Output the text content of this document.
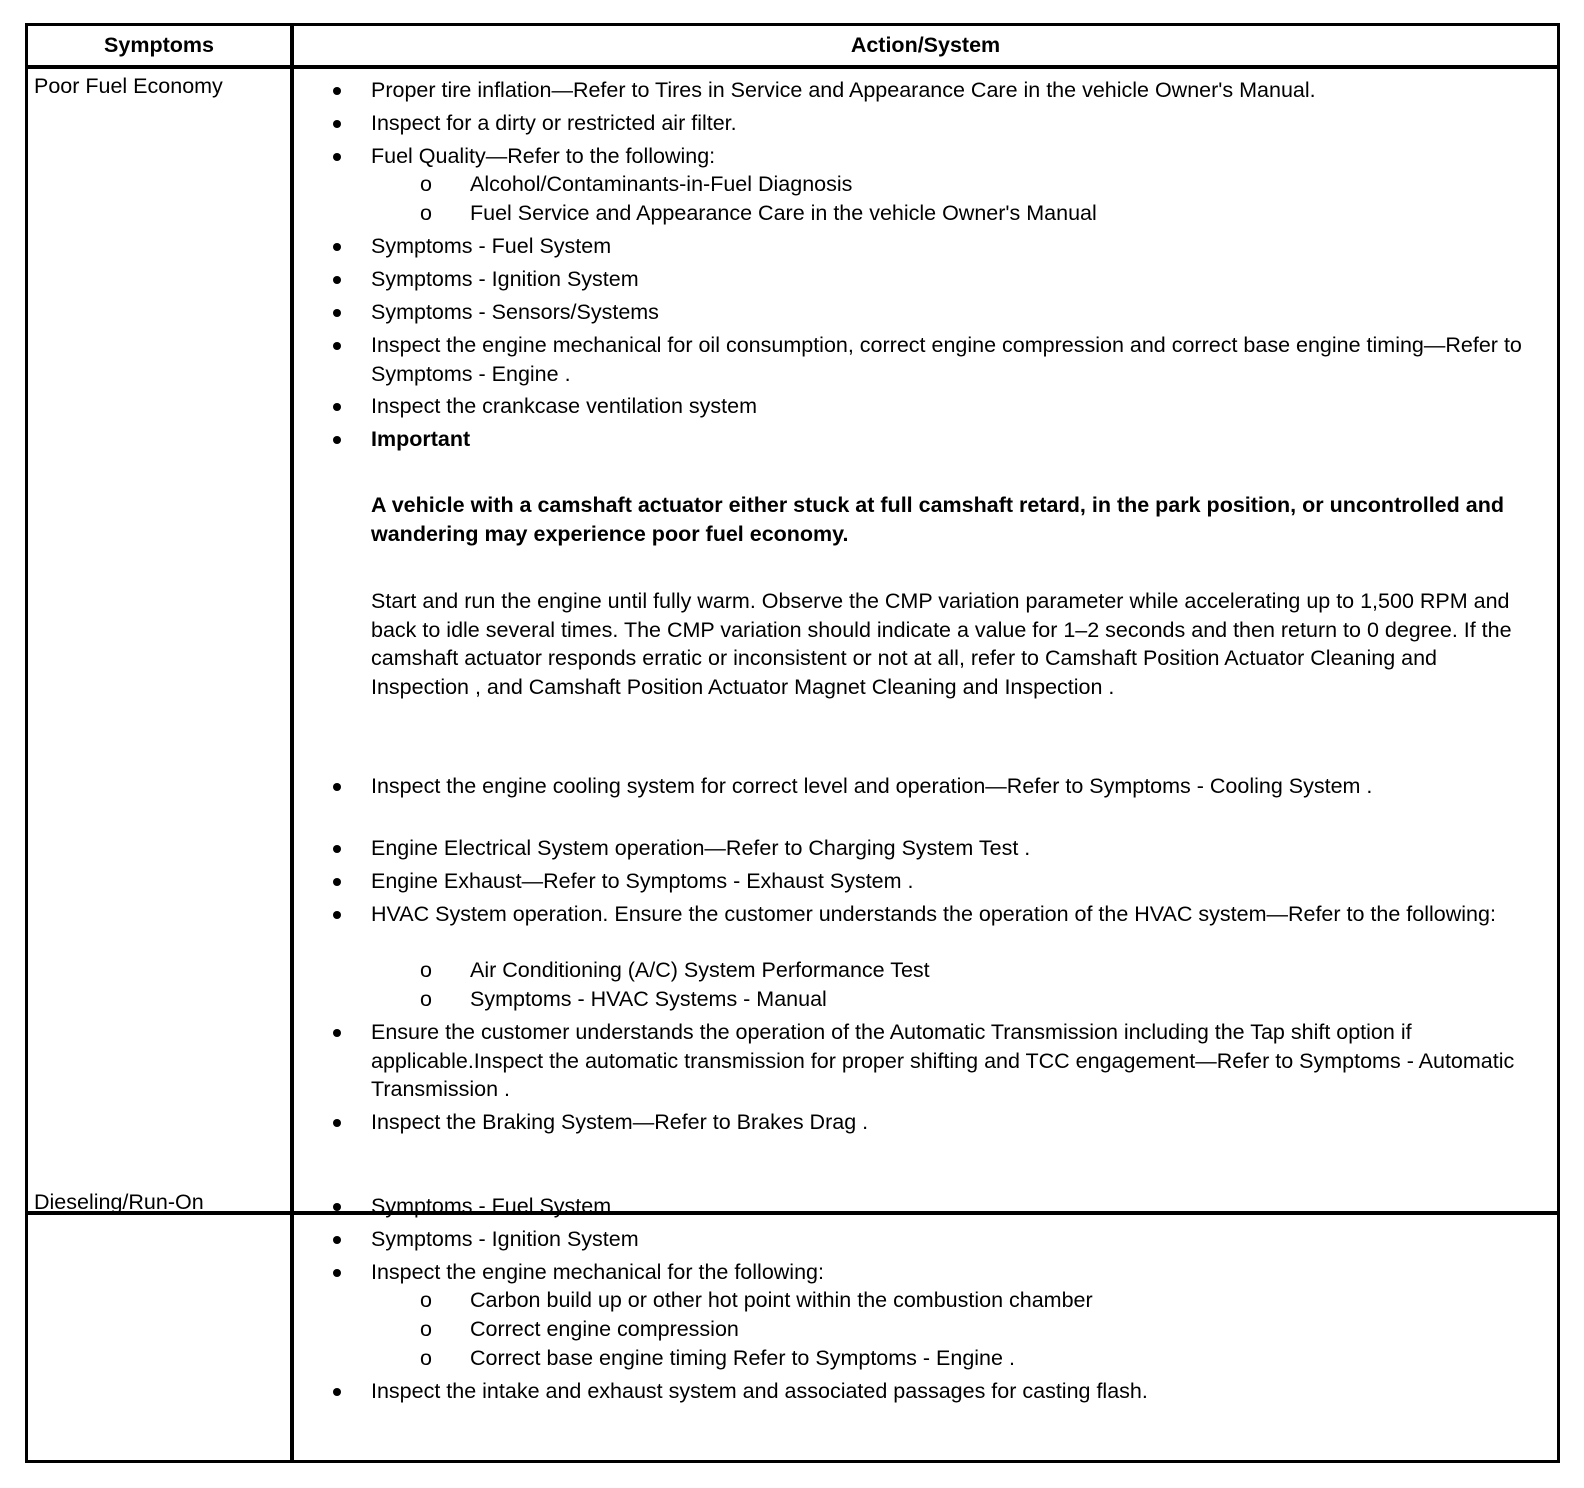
Symptoms	Action/System
Poor Fuel Economy
Dieseling/Run-On
Proper tire inflation—Refer to Tires in Service and Appearance Care in the vehicle Owner's Manual.
Inspect for a dirty or restricted air filter.
Fuel Quality—Refer to the following:
o Alcohol/Contaminants-in-Fuel Diagnosis
o Fuel Service and Appearance Care in the vehicle Owner's Manual
Symptoms - Fuel System
Symptoms - Ignition System
Symptoms - Sensors/Systems
Inspect the engine mechanical for oil consumption, correct engine compression and correct base engine timing—Refer to Symptoms - Engine .
Inspect the crankcase ventilation system
Important
A vehicle with a camshaft actuator either stuck at full camshaft retard, in the park position, or uncontrolled and wandering may experience poor fuel economy.
Start and run the engine until fully warm. Observe the CMP variation parameter while accelerating up to 1,500 RPM and back to idle several times. The CMP variation should indicate a value for 1–2 seconds and then return to 0 degree. If the camshaft actuator responds erratic or inconsistent or not at all, refer to Camshaft Position Actuator Cleaning and Inspection , and Camshaft Position Actuator Magnet Cleaning and Inspection .
Inspect the engine cooling system for correct level and operation—Refer to Symptoms - Cooling System .
Engine Electrical System operation—Refer to Charging System Test .
Engine Exhaust—Refer to Symptoms - Exhaust System .
HVAC System operation. Ensure the customer understands the operation of the HVAC system—Refer to the following:
o Air Conditioning (A/C) System Performance Test
o Symptoms - HVAC Systems - Manual
Ensure the customer understands the operation of the Automatic Transmission including the Tap shift option if applicable.Inspect the automatic transmission for proper shifting and TCC engagement—Refer to Symptoms - Automatic Transmission .
Inspect the Braking System—Refer to Brakes Drag .
Symptoms - Fuel System
Symptoms - Ignition System
Inspect the engine mechanical for the following:
o Carbon build up or other hot point within the combustion chamber
o Correct engine compression
o Correct base engine timing Refer to Symptoms - Engine .
Inspect the intake and exhaust system and associated passages for casting flash.
